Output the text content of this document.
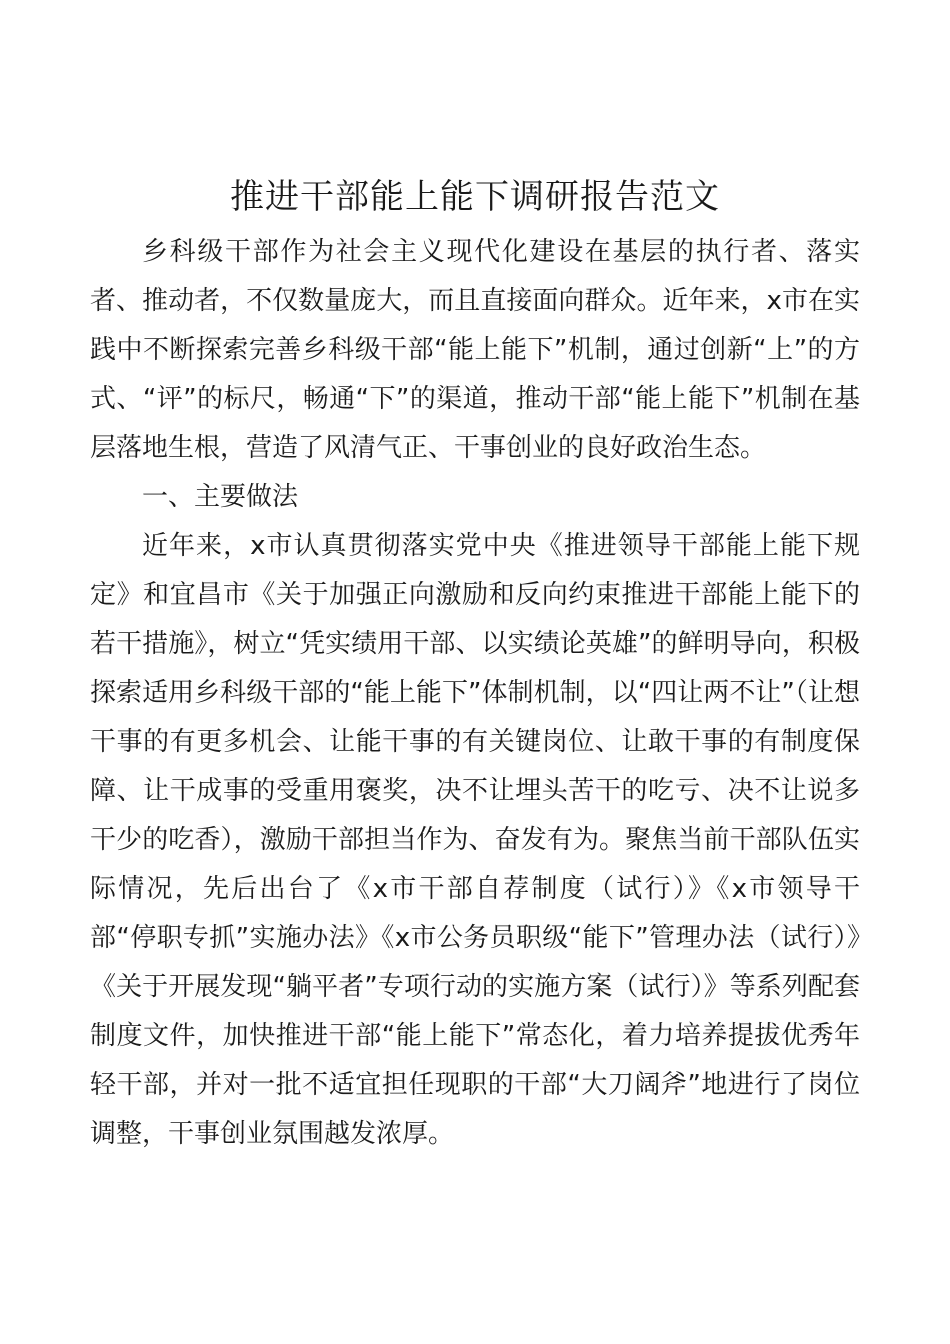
推进干部能上能下调研报告范文

乡科级干部作为社会主义现代化建设在基层的执行者、落实者、推动者，不仅数量庞大，而且直接面向群众。近年来，x市在实践中不断探索完善乡科级干部“能上能下”机制，通过创新“上”的方式、“评”的标尺，畅通“下”的渠道，推动干部“能上能下”机制在基层落地生根，营造了风清气正、干事创业的良好政治生态。

一、主要做法

近年来，x市认真贯彻落实党中央《推进领导干部能上能下规定》和宜昌市《关于加强正向激励和反向约束推进干部能上能下的若干措施》，树立“凭实绩用干部、以实绩论英雄”的鲜明导向，积极探索适用乡科级干部的“能上能下”体制机制，以“四让两不让”（让想干事的有更多机会、让能干事的有关键岗位、让敢干事的有制度保障、让干成事的受重用褒奖，决不让埋头苦干的吃亏、决不让说多干少的吃香），激励干部担当作为、奋发有为。聚焦当前干部队伍实际情况，先后出台了《x市干部自荐制度（试行）》《x市领导干部“停职专抓”实施办法》《x市公务员职级“能下”管理办法（试行）》《关于开展发现“躺平者”专项行动的实施方案（试行）》等系列配套制度文件，加快推进干部“能上能下”常态化，着力培养提拔优秀年轻干部，并对一批不适宜担任现职的干部“大刀阔斧”地进行了岗位调整，干事创业氛围越发浓厚。
